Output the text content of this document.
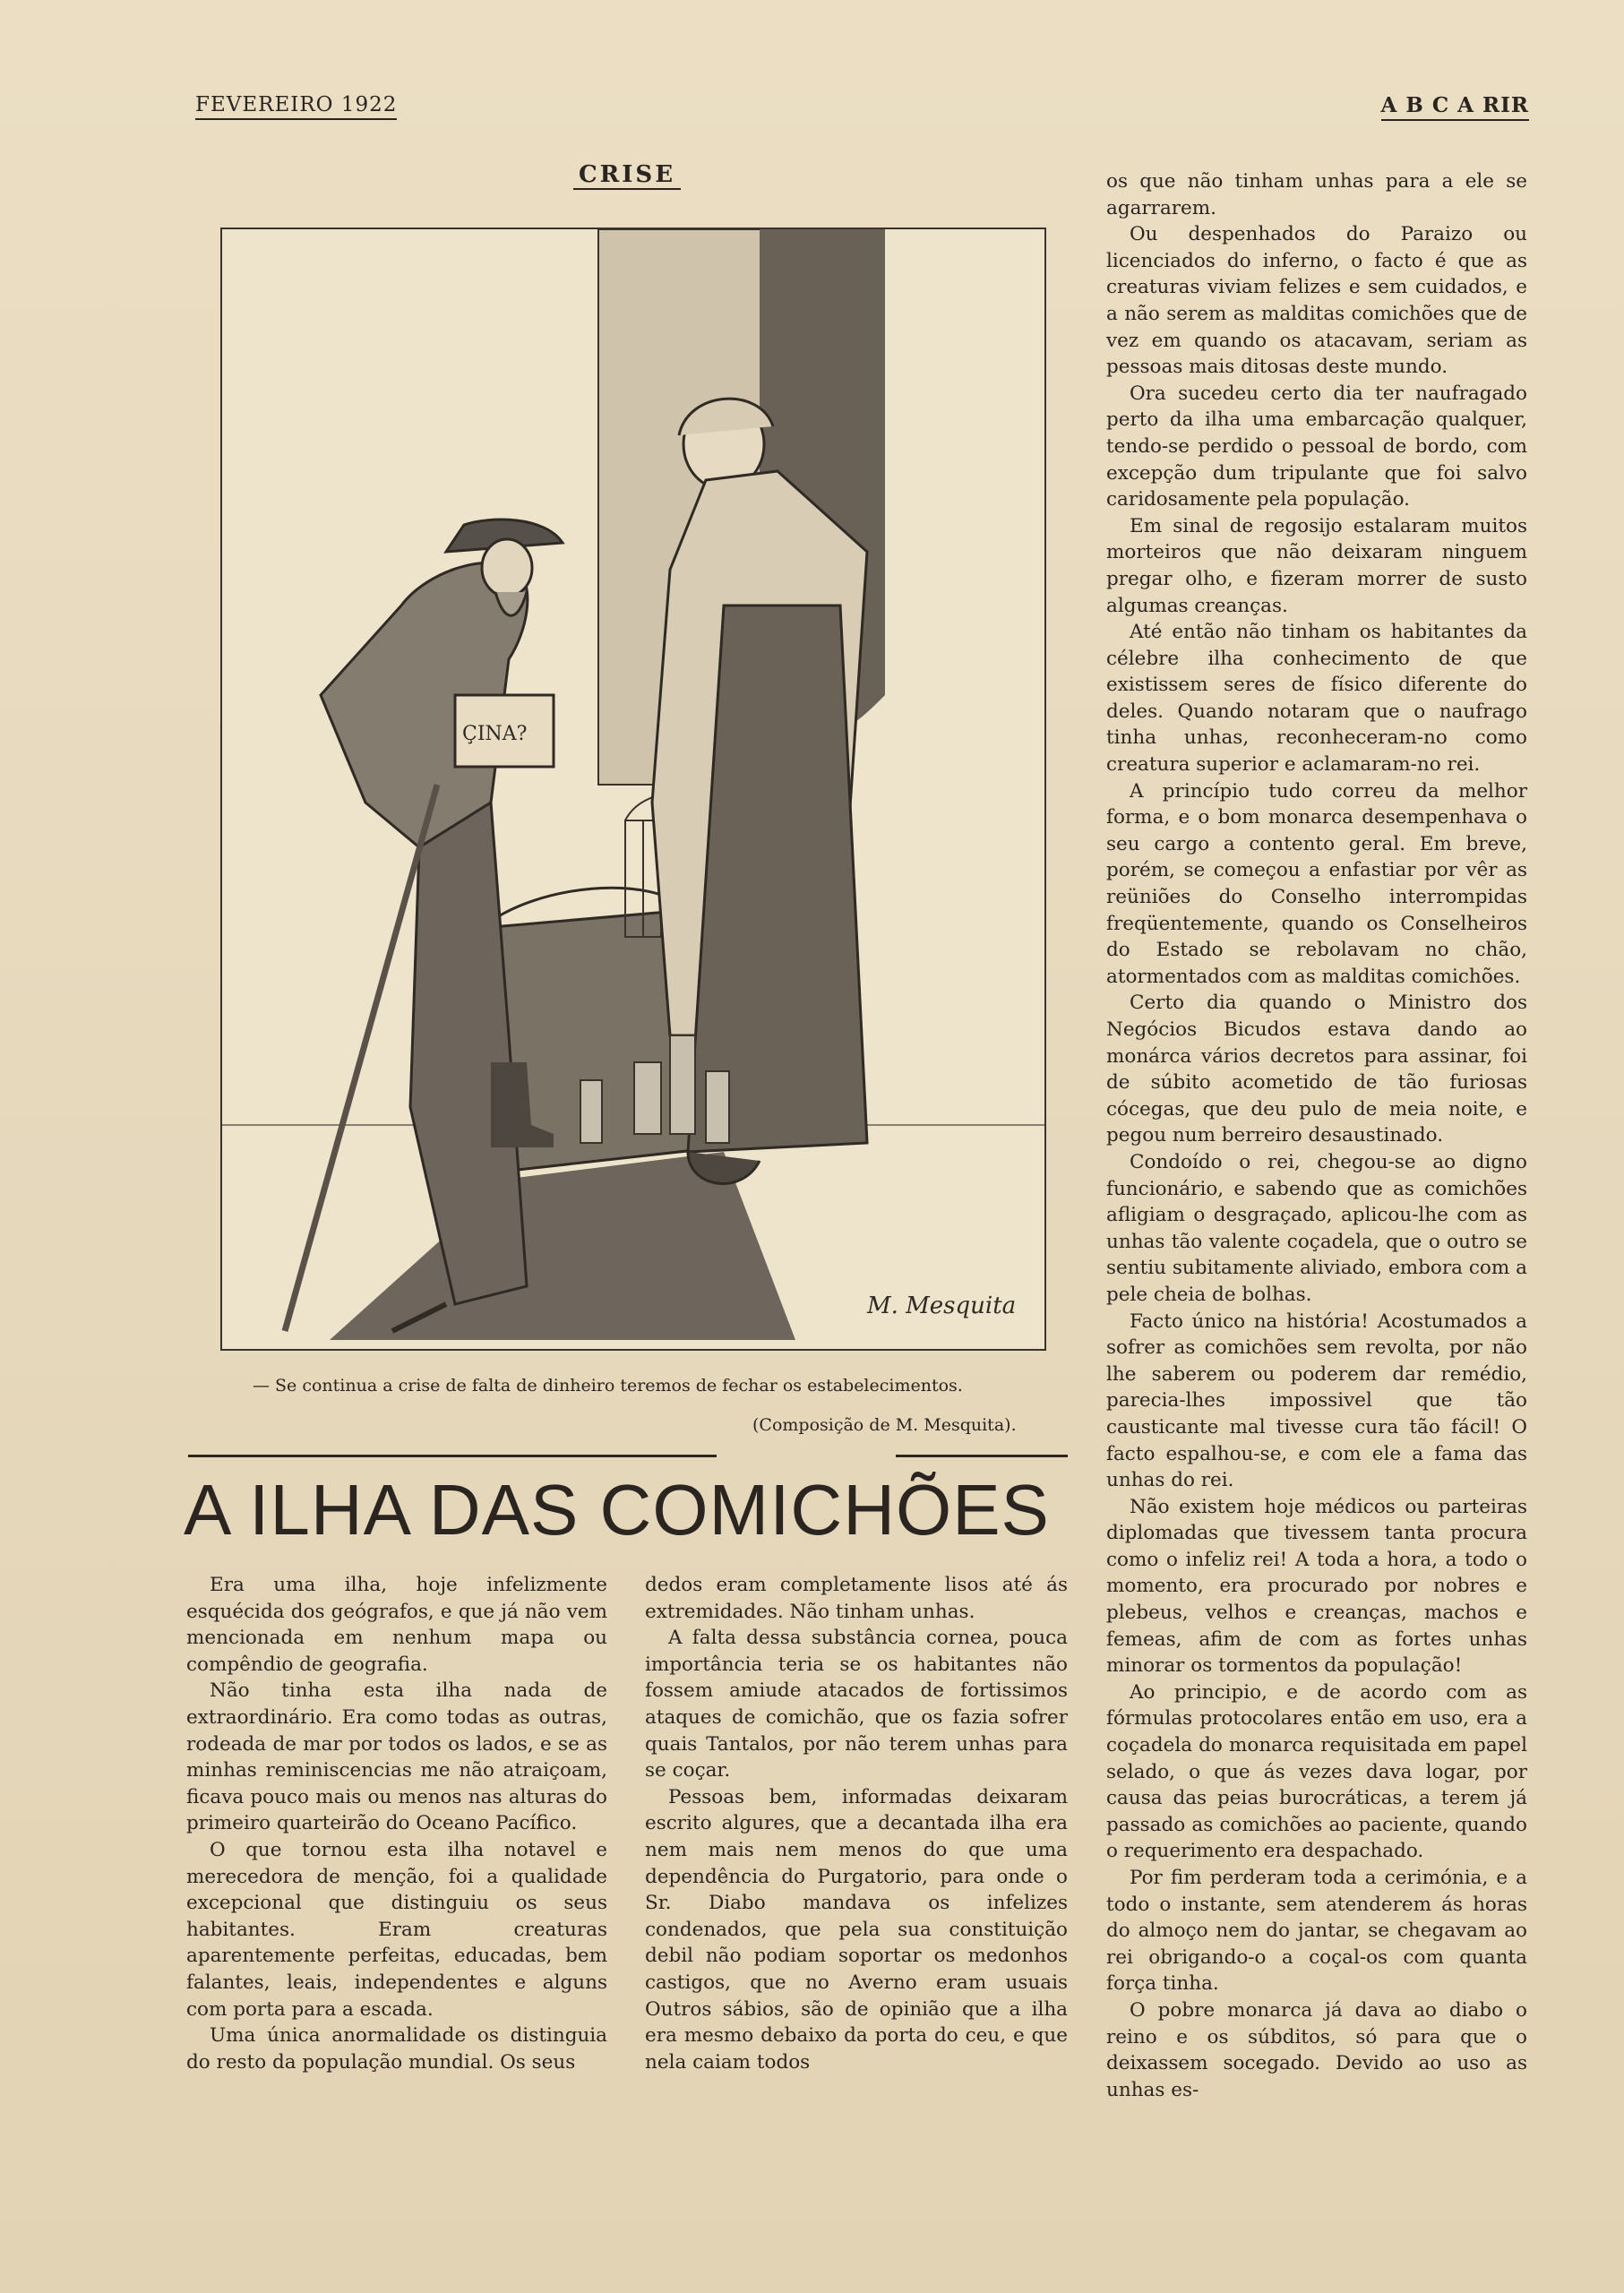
FEVEREIRO 1922	A B C A RIR
CRISE
ÇINA?
M. Mesquita
— Se continua a crise de falta de dinheiro teremos de fechar os estabelecimentos.
(Composição de M. Mesquita).
A ILHA DAS COMICHÕES

Era uma ilha, hoje infelizmente esquécida dos geógrafos, e que já não vem mencionada em nenhum mapa ou compêndio de geografia.

Não tinha esta ilha nada de extraordinário. Era como todas as outras, rodeada de mar por todos os lados, e se as minhas reminiscencias me não atraiçoam, ficava pouco mais ou menos nas alturas do primeiro quarteirão do Oceano Pacífico.

O que tornou esta ilha notavel e merecedora de menção, foi a qualidade excepcional que distinguiu os seus habitantes. Eram creaturas aparentemente perfeitas, educadas, bem falantes, leais, independentes e alguns com porta para a escada.

Uma única anormalidade os distinguia do resto da população mundial. Os seus

dedos eram completamente lisos até ás extremidades. Não tinham unhas.

A falta dessa substância cornea, pouca importância teria se os habitantes não fossem amiude atacados de fortissimos ataques de comichão, que os fazia sofrer quais Tantalos, por não terem unhas para se coçar.

Pessoas bem, informadas deixaram escrito algures, que a decantada ilha era nem mais nem menos do que uma dependência do Purgatorio, para onde o Sr. Diabo mandava os infelizes condenados, que pela sua constituição debil não podiam soportar os medonhos castigos, que no Averno eram usuais Outros sábios, são de opinião que a ilha era mesmo debaixo da porta do ceu, e que nela caiam todos

os que não tinham unhas para a ele se agarrarem.

Ou despenhados do Paraizo ou licenciados do inferno, o facto é que as creaturas viviam felizes e sem cuidados, e a não serem as malditas comichões que de vez em quando os atacavam, seriam as pessoas mais ditosas deste mundo.

Ora sucedeu certo dia ter naufragado perto da ilha uma embarcação qualquer, tendo-se perdido o pessoal de bordo, com excepção dum tripulante que foi salvo caridosamente pela população.

Em sinal de regosijo estalaram muitos morteiros que não deixaram ninguem pregar olho, e fizeram morrer de susto algumas creanças.

Até então não tinham os habitantes da célebre ilha conhecimento de que existissem seres de físico diferente do deles. Quando notaram que o naufrago tinha unhas, reconheceram-no como creatura superior e aclamaram-no rei.

A princípio tudo correu da melhor forma, e o bom monarca desempenhava o seu cargo a contento geral. Em breve, porém, se começou a enfastiar por vêr as reüniões do Conselho interrompidas freqüentemente, quando os Conselheiros do Estado se rebolavam no chão, atormentados com as malditas comichões.

Certo dia quando o Ministro dos Negócios Bicudos estava dando ao monárca vários decretos para assinar, foi de súbito acometido de tão furiosas cócegas, que deu pulo de meia noite, e pegou num berreiro desaustinado.

Condoído o rei, chegou-se ao digno funcionário, e sabendo que as comichões afligiam o desgraçado, aplicou-lhe com as unhas tão valente coçadela, que o outro se sentiu subitamente aliviado, embora com a pele cheia de bolhas.

Facto único na história! Acostumados a sofrer as comichões sem revolta, por não lhe saberem ou poderem dar remédio, parecia-lhes impossivel que tão causticante mal tivesse cura tão fácil! O facto espalhou-se, e com ele a fama das unhas do rei.

Não existem hoje médicos ou parteiras diplomadas que tivessem tanta procura como o infeliz rei! A toda a hora, a todo o momento, era procurado por nobres e plebeus, velhos e creanças, machos e femeas, afim de com as fortes unhas minorar os tormentos da população!

Ao principio, e de acordo com as fórmulas protocolares então em uso, era a coçadela do monarca requisitada em papel selado, o que ás vezes dava logar, por causa das peias burocráticas, a terem já passado as comichões ao paciente, quando o requerimento era despachado.

Por fim perderam toda a cerimónia, e a todo o instante, sem atenderem ás horas do almoço nem do jantar, se chegavam ao rei obrigando-o a coçal-os com quanta força tinha.

O pobre monarca já dava ao diabo o reino e os súbditos, só para que o deixassem socegado. Devido ao uso as unhas es-
